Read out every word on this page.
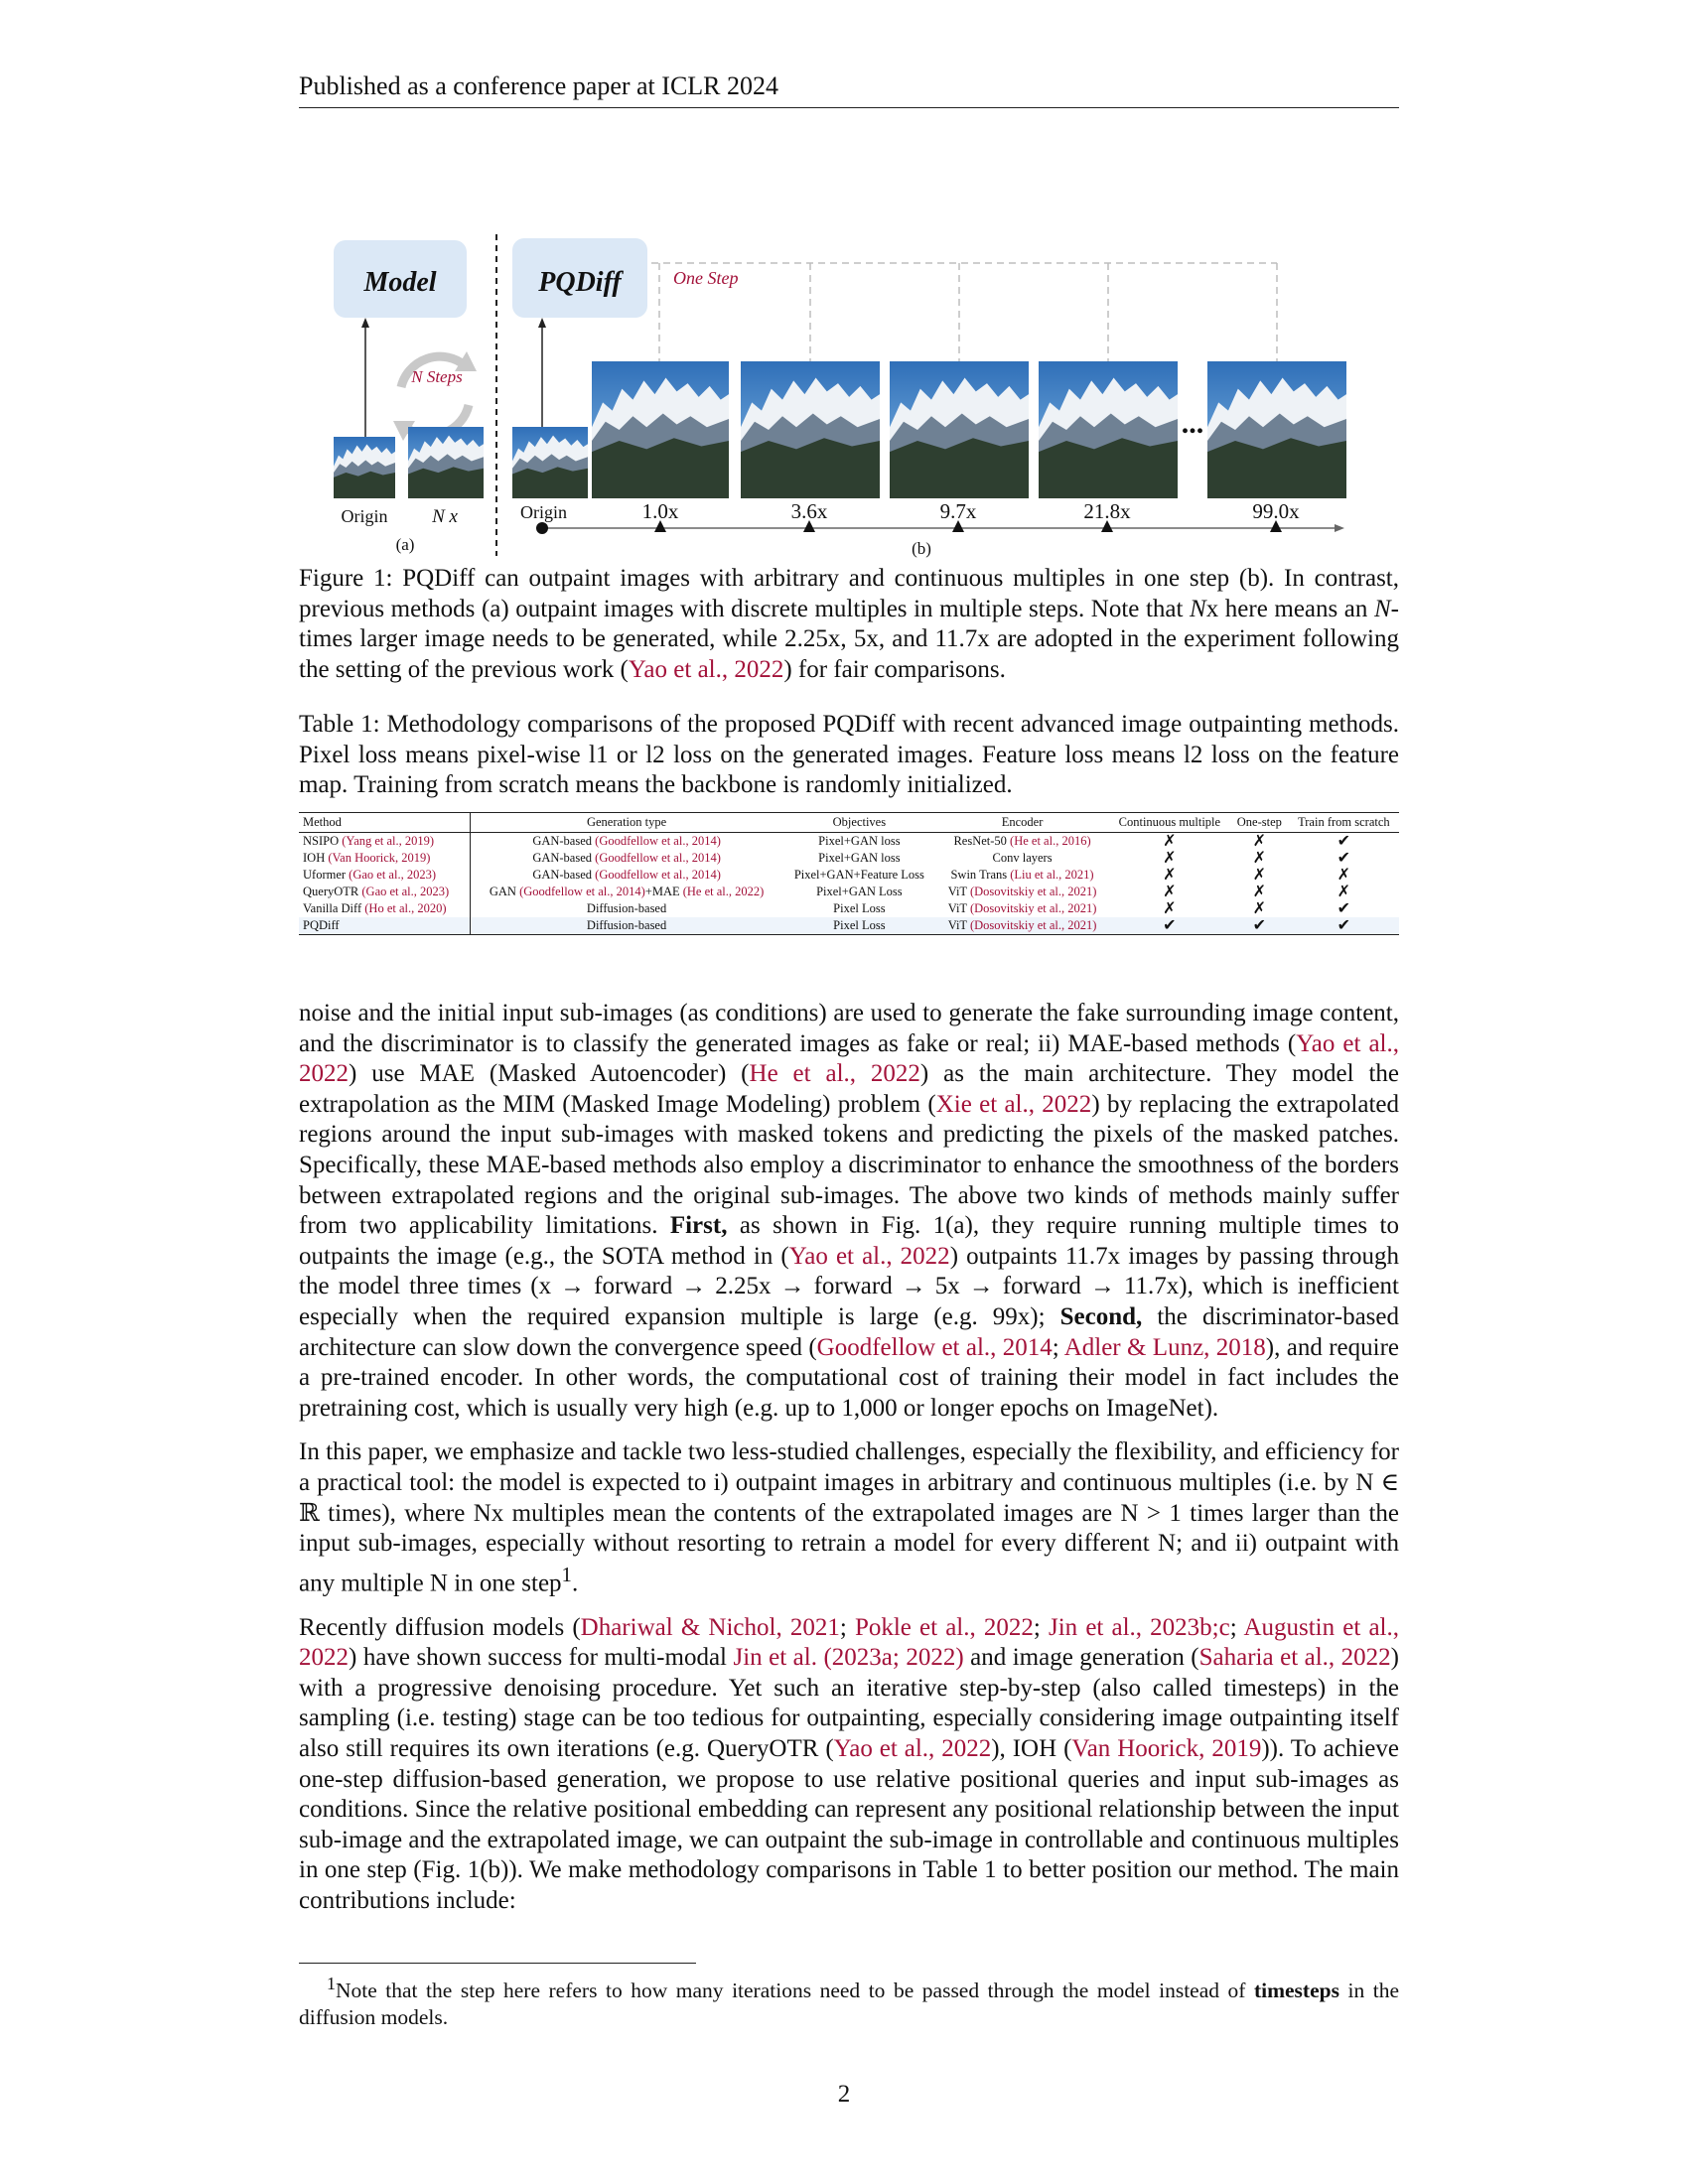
Published as a conference paper at ICLR 2024
Model
N Steps
Origin N x
(a)
PQDiff	One Step
...
Origin	1.0x	3.6x	9.7x	21.8x	99.0x
(b)
Figure 1: PQDiff can outpaint images with arbitrary and continuous multiples in one step (b). In contrast, previous methods (a) outpaint images with discrete multiples in multiple steps. Note that Nx here means an N-times larger image needs to be generated, while 2.25x, 5x, and 11.7x are adopted in the experiment following the setting of the previous work (Yao et al., 2022) for fair comparisons.
Table 1: Methodology comparisons of the proposed PQDiff with recent advanced image outpainting methods. Pixel loss means pixel-wise l1 or l2 loss on the generated images. Feature loss means l2 loss on the feature map. Training from scratch means the backbone is randomly initialized.
Method	Generation type	Objectives	Encoder	Continuous multiple	One-step	Train from scratch
NSIPO (Yang et al., 2019)	GAN-based (Goodfellow et al., 2014)	Pixel+GAN loss	ResNet-50 (He et al., 2016)	✗	✗	✔
IOH (Van Hoorick, 2019)	GAN-based (Goodfellow et al., 2014)	Pixel+GAN loss	Conv layers	✗	✗	✔
Uformer (Gao et al., 2023)	GAN-based (Goodfellow et al., 2014)	Pixel+GAN+Feature Loss	Swin Trans (Liu et al., 2021)	✗	✗	✗
QueryOTR (Gao et al., 2023)	GAN (Goodfellow et al., 2014)+MAE (He et al., 2022)	Pixel+GAN Loss	ViT (Dosovitskiy et al., 2021)	✗	✗	✗
Vanilla Diff (Ho et al., 2020)	Diffusion-based	Pixel Loss	ViT (Dosovitskiy et al., 2021)	✗	✗	✔
PQDiff	Diffusion-based	Pixel Loss	ViT (Dosovitskiy et al., 2021)	✔	✔	✔

noise and the initial input sub-images (as conditions) are used to generate the fake surrounding image content, and the discriminator is to classify the generated images as fake or real; ii) MAE-based methods (Yao et al., 2022) use MAE (Masked Autoencoder) (He et al., 2022) as the main architecture. They model the extrapolation as the MIM (Masked Image Modeling) problem (Xie et al., 2022) by replacing the extrapolated regions around the input sub-images with masked tokens and predicting the pixels of the masked patches. Specifically, these MAE-based methods also employ a discriminator to enhance the smoothness of the borders between extrapolated regions and the original sub-images. The above two kinds of methods mainly suffer from two applicability limitations. First, as shown in Fig. 1(a), they require running multiple times to outpaints the image (e.g., the SOTA method in (Yao et al., 2022) outpaints 11.7x images by passing through the model three times (x → forward → 2.25x → forward → 5x → forward → 11.7x), which is inefficient especially when the required expansion multiple is large (e.g. 99x); Second, the discriminator-based architecture can slow down the convergence speed (Goodfellow et al., 2014; Adler & Lunz, 2018), and require a pre-trained encoder. In other words, the computational cost of training their model in fact includes the pretraining cost, which is usually very high (e.g. up to 1,000 or longer epochs on ImageNet).

In this paper, we emphasize and tackle two less-studied challenges, especially the flexibility, and efficiency for a practical tool: the model is expected to i) outpaint images in arbitrary and continuous multiples (i.e. by N ∈ ℝ times), where Nx multiples mean the contents of the extrapolated images are N > 1 times larger than the input sub-images, especially without resorting to retrain a model for every different N; and ii) outpaint with any multiple N in one step$^1$.

Recently diffusion models (Dhariwal & Nichol, 2021; Pokle et al., 2022; Jin et al., 2023b;c; Augustin et al., 2022) have shown success for multi-modal Jin et al. (2023a; 2022) and image generation (Saharia et al., 2022) with a progressive denoising procedure. Yet such an iterative step-by-step (also called timesteps) in the sampling (i.e. testing) stage can be too tedious for outpainting, especially considering image outpainting itself also still requires its own iterations (e.g. QueryOTR (Yao et al., 2022), IOH (Van Hoorick, 2019)). To achieve one-step diffusion-based generation, we propose to use relative positional queries and input sub-images as conditions. Since the relative positional embedding can represent any positional relationship between the input sub-image and the extrapolated image, we can outpaint the sub-image in controllable and continuous multiples in one step (Fig. 1(b)). We make methodology comparisons in Table 1 to better position our method. The main contributions include:

$^1$Note that the step here refers to how many iterations need to be passed through the model instead of timesteps in the diffusion models.
2
